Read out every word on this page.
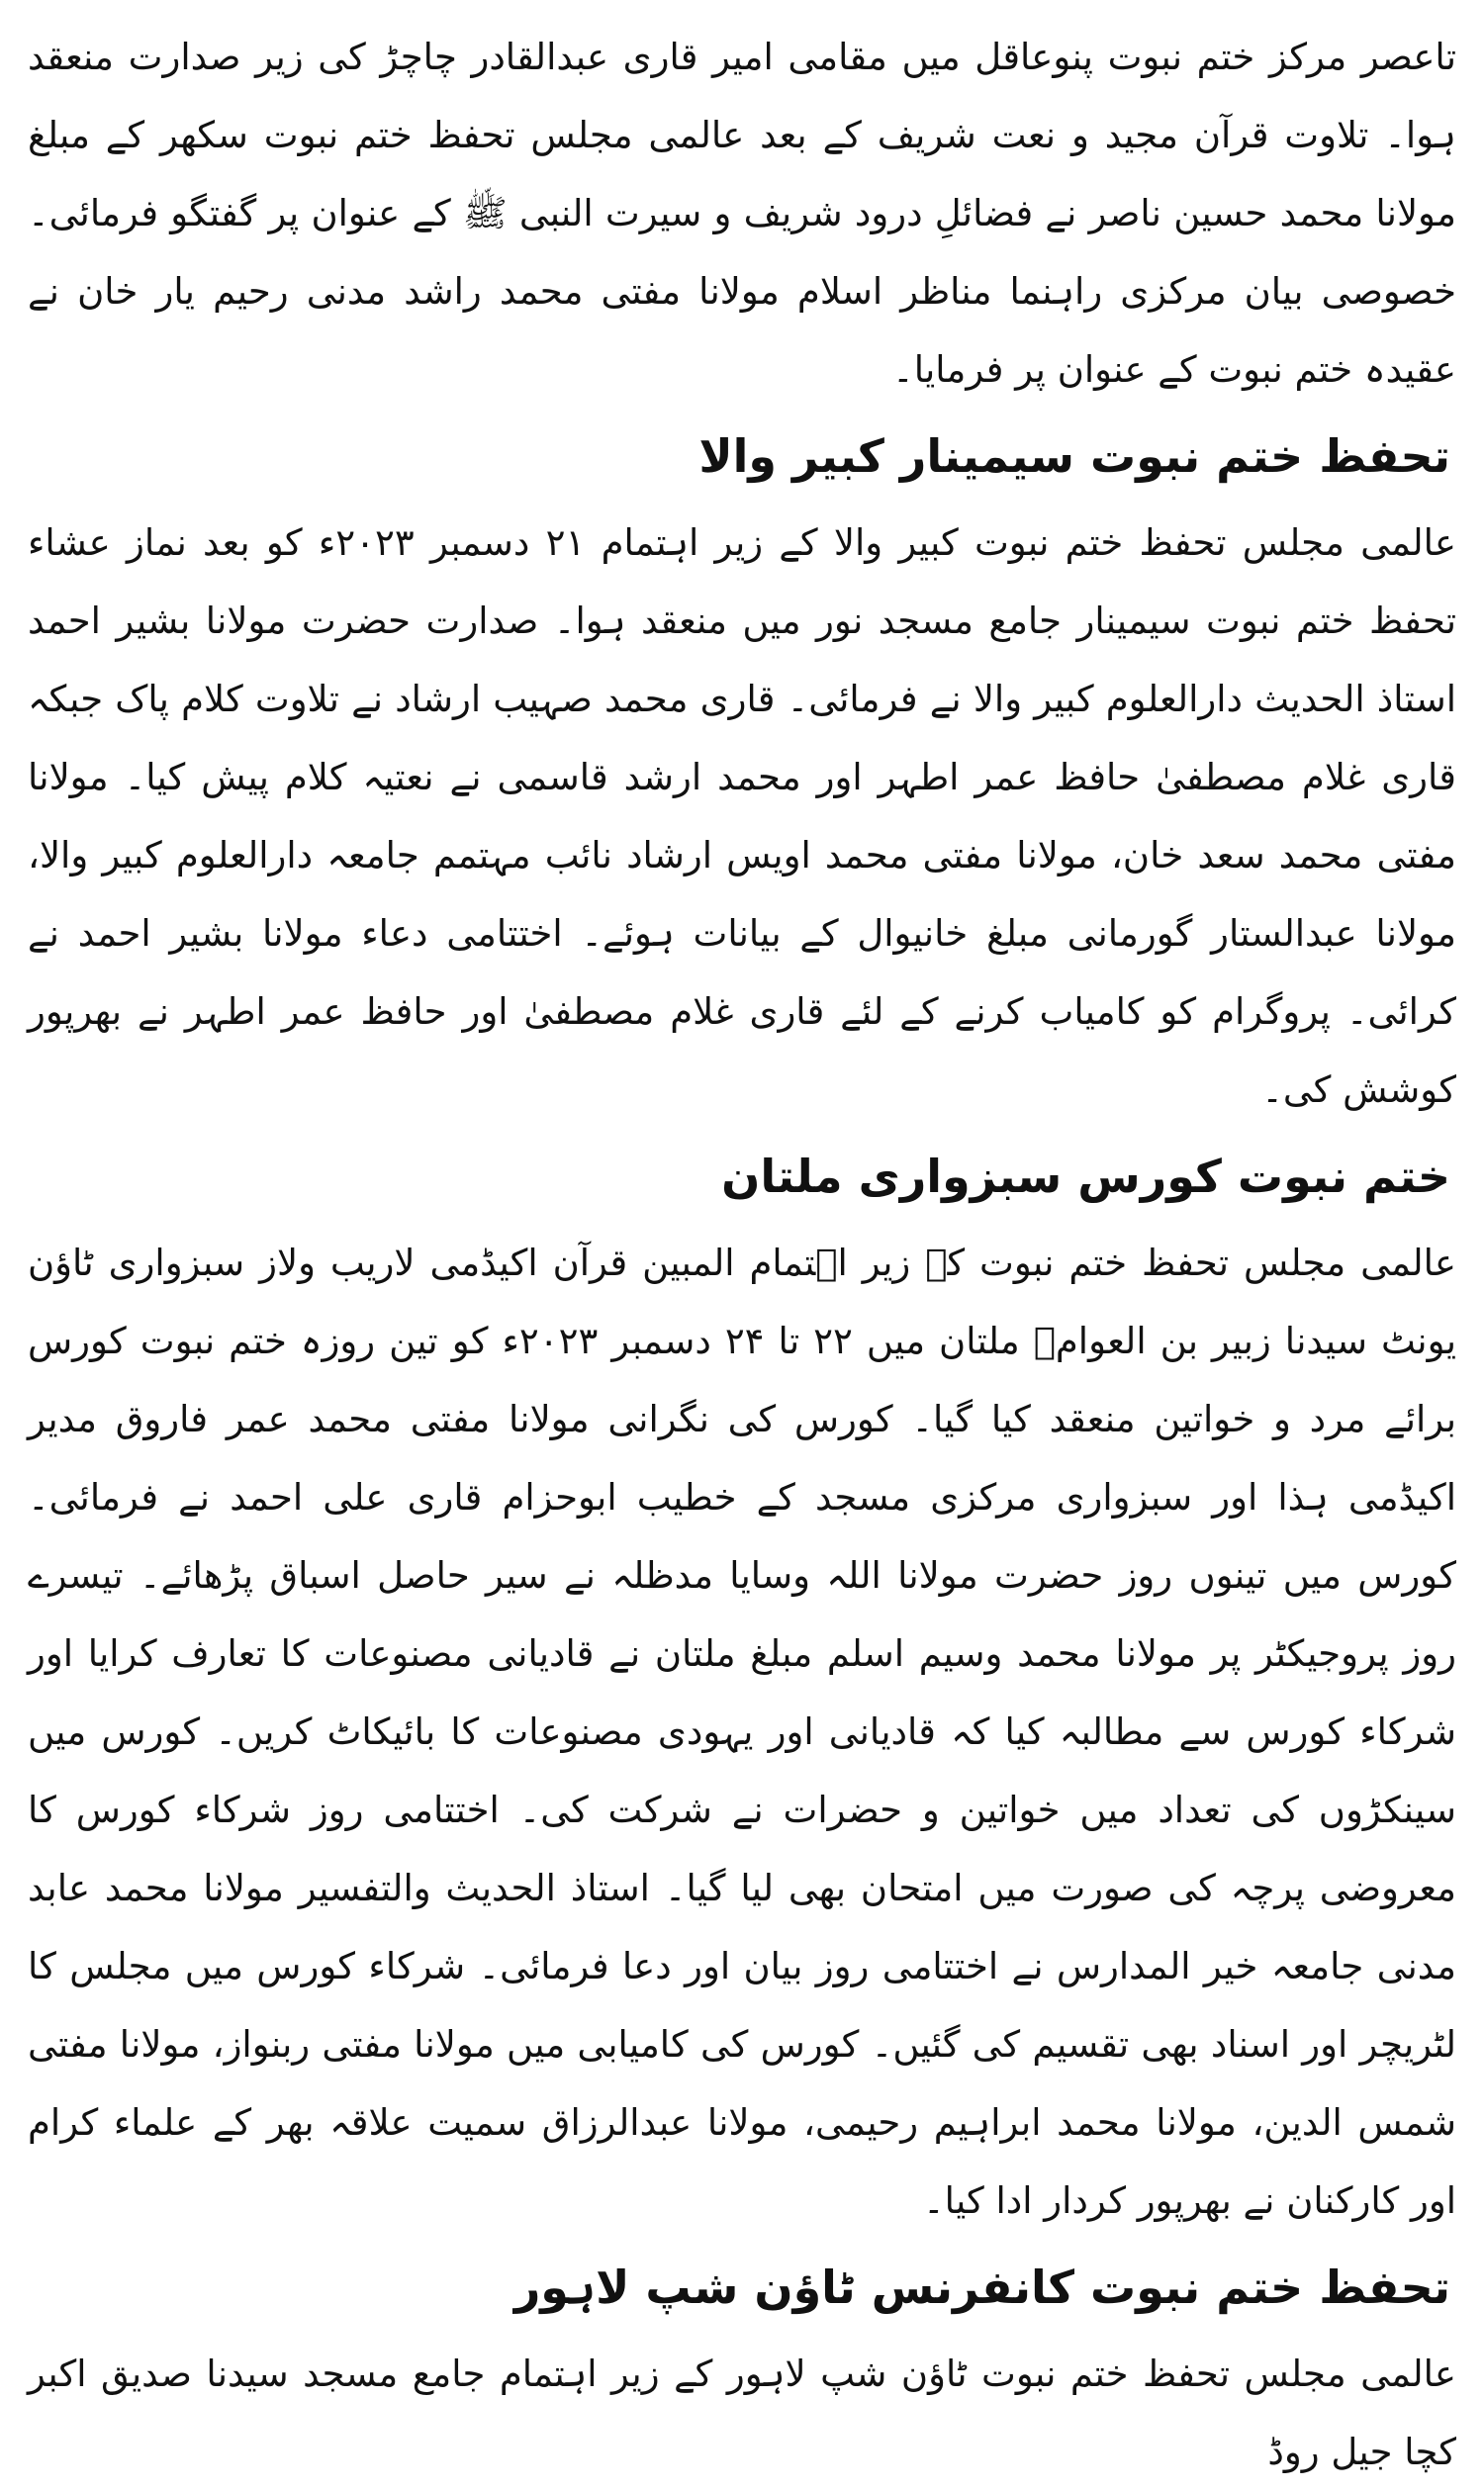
تاعصر مرکز ختم نبوت پنوعاقل میں مقامی امیر قاری عبدالقادر چاچڑ کی زیر صدارت منعقد ہوا۔ تلاوت قرآن مجید و نعت شریف کے بعد عالمی مجلس تحفظ ختم نبوت سکھر کے مبلغ مولانا محمد حسین ناصر نے فضائلِ درود شریف و سیرت النبی ﷺ کے عنوان پر گفتگو فرمائی۔ خصوصی بیان مرکزی راہنما مناظر اسلام مولانا مفتی محمد راشد مدنی رحیم یار خان نے عقیدہ ختم نبوت کے عنوان پر فرمایا۔

تحفظ ختم نبوت سیمینار کبیر والا

عالمی مجلس تحفظ ختم نبوت کبیر والا کے زیر اہتمام ۲۱ دسمبر ۲۰۲۳ء کو بعد نماز عشاء تحفظ ختم نبوت سیمینار جامع مسجد نور میں منعقد ہوا۔ صدارت حضرت مولانا بشیر احمد استاذ الحدیث دارالعلوم کبیر والا نے فرمائی۔ قاری محمد صہیب ارشاد نے تلاوت کلام پاک جبکہ قاری غلام مصطفیٰ حافظ عمر اطہر اور محمد ارشد قاسمی نے نعتیہ کلام پیش کیا۔ مولانا مفتی محمد سعد خان، مولانا مفتی محمد اویس ارشاد نائب مہتمم جامعہ دارالعلوم کبیر والا، مولانا عبدالستار گورمانی مبلغ خانیوال کے بیانات ہوئے۔ اختتامی دعاء مولانا بشیر احمد نے کرائی۔ پروگرام کو کامیاب کرنے کے لئے قاری غلام مصطفیٰ اور حافظ عمر اطہر نے بھرپور کوشش کی۔

ختم نبوت کورس سبزواری ملتان

عالمی مجلس تحفظ ختم نبوت کے زیر اہتمام المبین قرآن اکیڈمی لاریب ولاز سبزواری ٹاؤن یونٹ سیدنا زبیر بن العوامؓ ملتان میں ۲۲ تا ۲۴ دسمبر ۲۰۲۳ء کو تین روزہ ختم نبوت کورس برائے مرد و خواتین منعقد کیا گیا۔ کورس کی نگرانی مولانا مفتی محمد عمر فاروق مدیر اکیڈمی ہذا اور سبزواری مرکزی مسجد کے خطیب ابوحزام قاری علی احمد نے فرمائی۔ کورس میں تینوں روز حضرت مولانا اللہ وسایا مدظلہ نے سیر حاصل اسباق پڑھائے۔ تیسرے روز پروجیکٹر پر مولانا محمد وسیم اسلم مبلغ ملتان نے قادیانی مصنوعات کا تعارف کرایا اور شرکاء کورس سے مطالبہ کیا کہ قادیانی اور یہودی مصنوعات کا بائیکاٹ کریں۔ کورس میں سینکڑوں کی تعداد میں خواتین و حضرات نے شرکت کی۔ اختتامی روز شرکاء کورس کا معروضی پرچہ کی صورت میں امتحان بھی لیا گیا۔ استاذ الحدیث والتفسیر مولانا محمد عابد مدنی جامعہ خیر المدارس نے اختتامی روز بیان اور دعا فرمائی۔ شرکاء کورس میں مجلس کا لٹریچر اور اسناد بھی تقسیم کی گئیں۔ کورس کی کامیابی میں مولانا مفتی ربنواز، مولانا مفتی شمس الدین، مولانا محمد ابراہیم رحیمی، مولانا عبدالرزاق سمیت علاقہ بھر کے علماء کرام اور کارکنان نے بھرپور کردار ادا کیا۔

تحفظ ختم نبوت کانفرنس ٹاؤن شپ لاہور

عالمی مجلس تحفظ ختم نبوت ٹاؤن شپ لاہور کے زیر اہتمام جامع مسجد سیدنا صدیق اکبر کچا جیل روڈ
